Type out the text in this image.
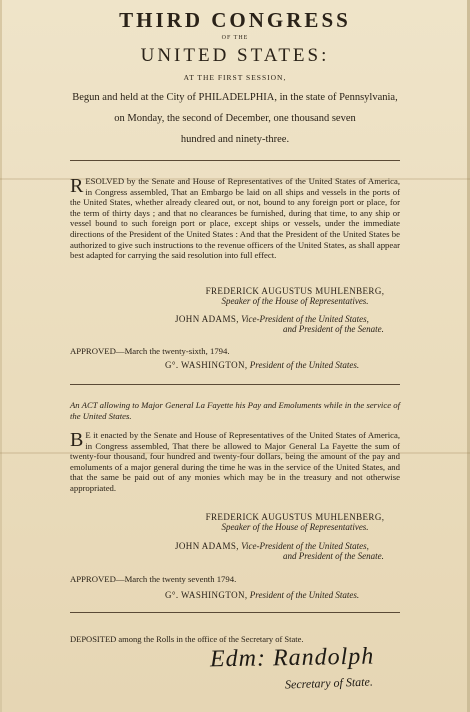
THIRD CONGRESS
OF THE
UNITED STATES:
AT THE FIRST SESSION,
Begun and held at the City of PHILADELPHIA, in the state of Pennsylvania,
on Monday, the second of December, one thousand seven
hundred and ninety-three.
RESOLVED by the Senate and House of Representatives of the United States of America, in Congress assembled, That an Embargo be laid on all ships and vessels in the ports of the United States, whether already cleared out, or not, bound to any foreign port or place, for the term of thirty days ; and that no clearances be furnished, during that time, to any ship or vessel bound to such foreign port or place, except ships or vessels, under the immediate directions of the President of the United States : And that the President of the United States be authorized to give such instructions to the revenue officers of the United States, as shall appear best adapted for carrying the said resolution into full effect.
FREDERICK AUGUSTUS MUHLENBERG,
Speaker of the House of Representatives.
JOHN ADAMS, Vice-President of the United States,
and President of the Senate.
APPROVED—March the twenty-sixth, 1794.
G°. WASHINGTON, President of the United States.
An ACT allowing to Major General La Fayette his Pay and Emoluments while in the service of the United States.
B E it enacted by the Senate and House of Representatives of the United States of America, in Congress assembled, That there be allowed to Major General La Fayette the sum of twenty-four thousand, four hundred and twenty-four dollars, being the amount of the pay and emoluments of a major general during the time he was in the service of the United States, and that the same be paid out of any monies which may be in the treasury and not otherwise appropriated.
FREDERICK AUGUSTUS MUHLENBERG,
Speaker of the House of Representatives.
JOHN ADAMS, Vice-President of the United States,
and President of the Senate.
APPROVED—March the twenty seventh 1794.
G°. WASHINGTON, President of the United States.
DEPOSITED among the Rolls in the office of the Secretary of State.
Edm: Randolph
Secretary of State.
